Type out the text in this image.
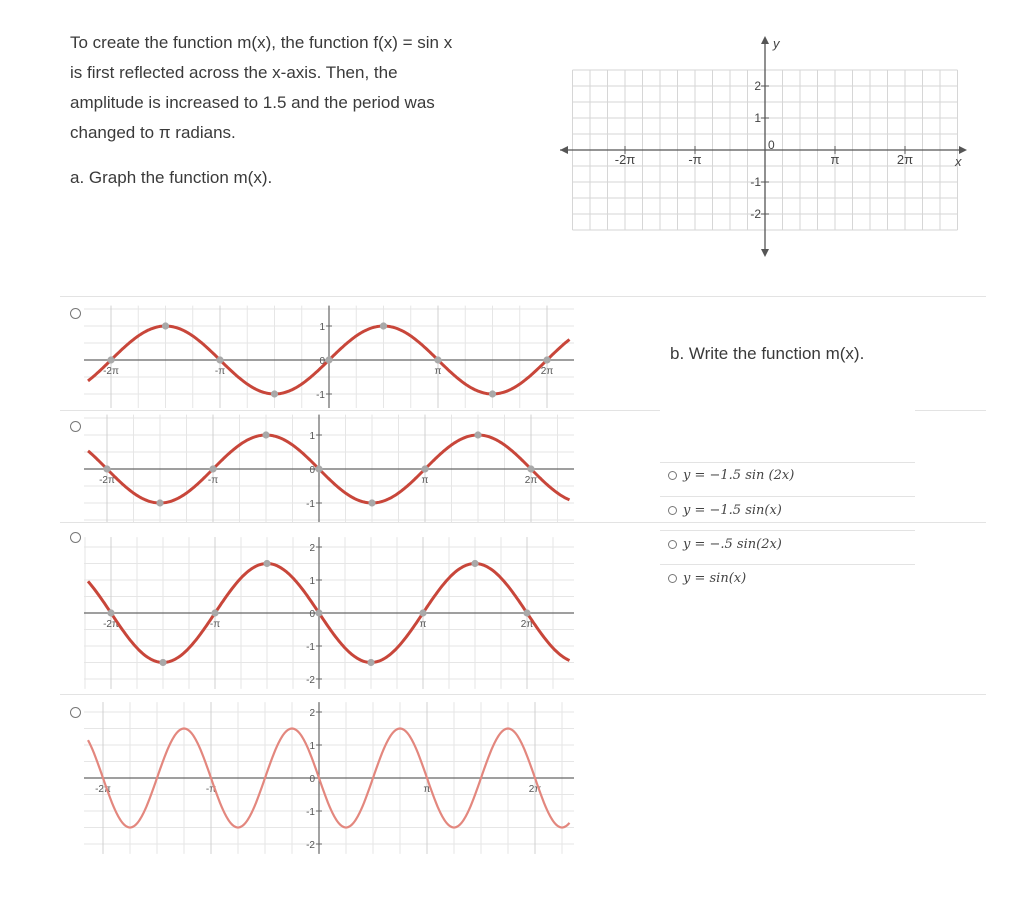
To create the function m(x), the function f(x) = sin x
is first reflected across the x-axis. Then, the
amplitude is increased to 1.5 and the period was
changed to π radians.
a. Graph the function m(x).
-2π	-π	π	2π
0
2
1
-1
-2
x
y
-2π	-π	π	2π
1
0
-1
-2π	-π	π	2π
1
0
-1
-2π	-π	π	2π
2
1
0
-1
-2
-2π	-π	π	2π
2
1
0
-1
-2
b. Write the function m(x).
y = −1.5 sin (2x)
y = −1.5 sin(x)
y = −.5 sin(2x)
y = sin(x)
